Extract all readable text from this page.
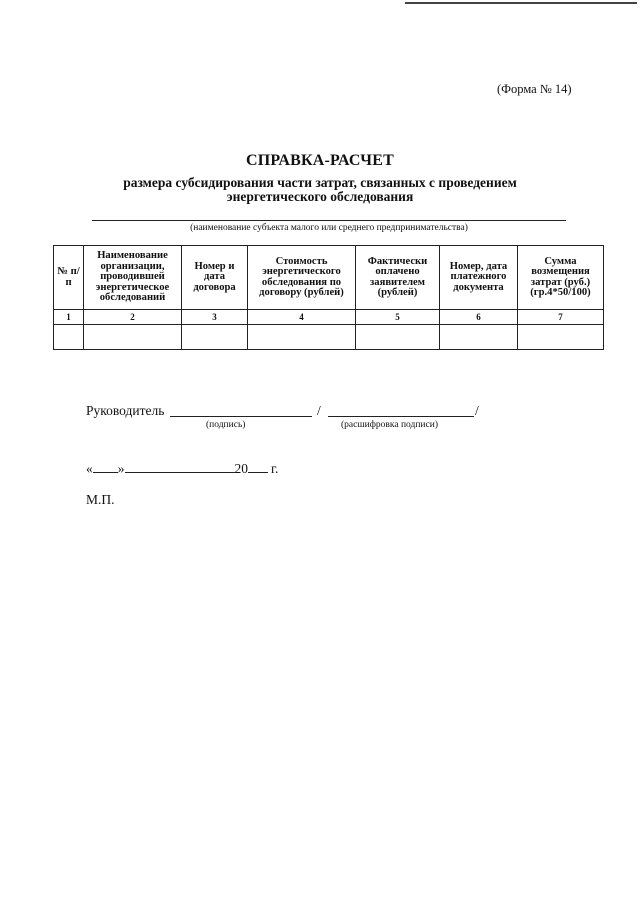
(Форма № 14)
СПРАВКА-РАСЧЕТ
размера субсидирования части затрат, связанных с проведением энергетического обследования
(наименование субъекта малого или среднего предпринимательства)
№ п/п	Наименование организации, проводившей энергетическое обследований	Номер и дата договора	Стоимость энергетического обследования по договору (рублей)	Фактически оплачено заявителем (рублей)	Номер, дата платежного документа	Сумма возмещения затрат (руб.) (гр.4*50/100)
1	2	3	4	5	6	7

Руководитель	/	/
(подпись)	(расшифровка подписи)
« »	20 г.
М.П.
